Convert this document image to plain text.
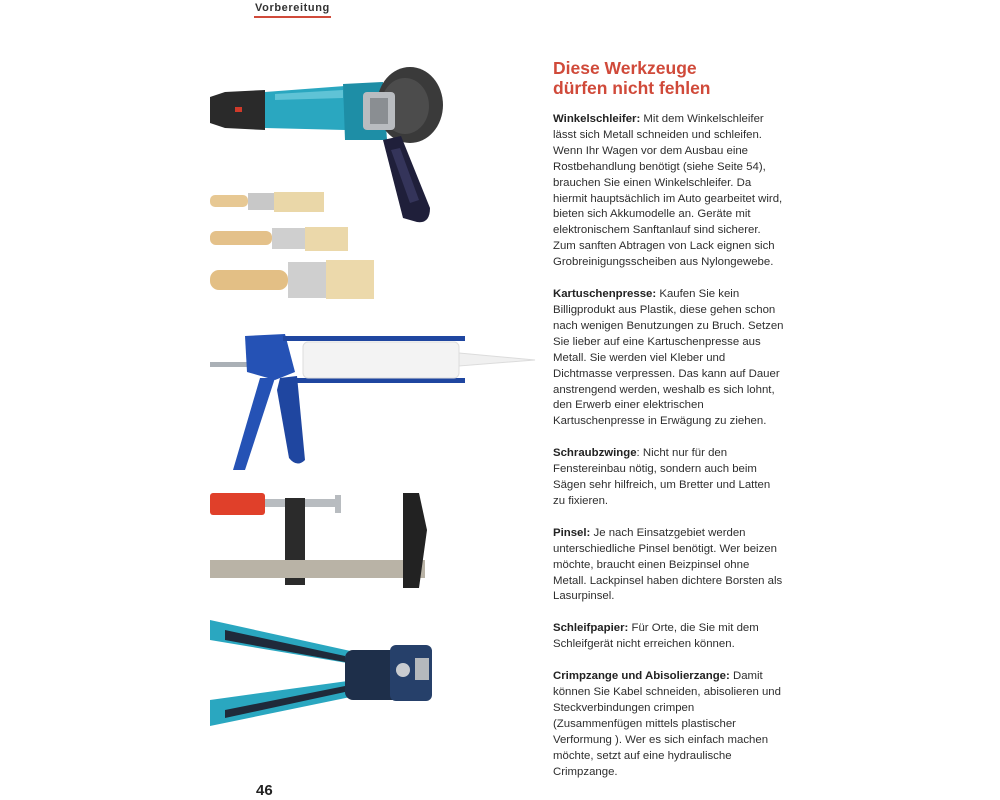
Vorbereitung
Diese Werkzeuge
dürfen nicht fehlen

Winkelschleifer: Mit dem Winkelschleifer lässt sich Metall schneiden und schleifen. Wenn Ihr Wagen vor dem Ausbau eine Rostbehandlung benötigt (siehe Seite 54), brauchen Sie einen Winkelschleifer. Da hiermit hauptsächlich im Auto gearbeitet wird, bieten sich Akkumodelle an. Geräte mit elektronischem Sanftanlauf sind sicherer. Zum sanften Abtragen von Lack eignen sich Grobreinigungsscheiben aus Nylongewebe.

Kartuschenpresse: Kaufen Sie kein Billigprodukt aus Plastik, diese gehen schon nach wenigen Benutzungen zu Bruch. Setzen Sie lieber auf eine Kartuschenpresse aus Metall. Sie werden viel Kleber und Dichtmasse verpressen. Das kann auf Dauer anstrengend werden, weshalb es sich lohnt, den Erwerb einer elektrischen Kartuschenpresse in Erwägung zu ziehen.

Schraubzwinge: Nicht nur für den Fenstereinbau nötig, sondern auch beim Sägen sehr hilfreich, um Bretter und Latten zu fixieren.

Pinsel: Je nach Einsatzgebiet werden unterschiedliche Pinsel benötigt. Wer beizen möchte, braucht einen Beizpinsel ohne Metall. Lackpinsel haben dichtere Borsten als Lasurpinsel.

Schleifpapier: Für Orte, die Sie mit dem Schleifgerät nicht erreichen können.

Crimpzange und Abisolierzange: Damit können Sie Kabel schneiden, abisolieren und Steckverbindungen crimpen (Zusammenfügen mittels plastischer Verformung ). Wer es sich einfach machen möchte, setzt auf eine hydraulische Crimpzange.

46
